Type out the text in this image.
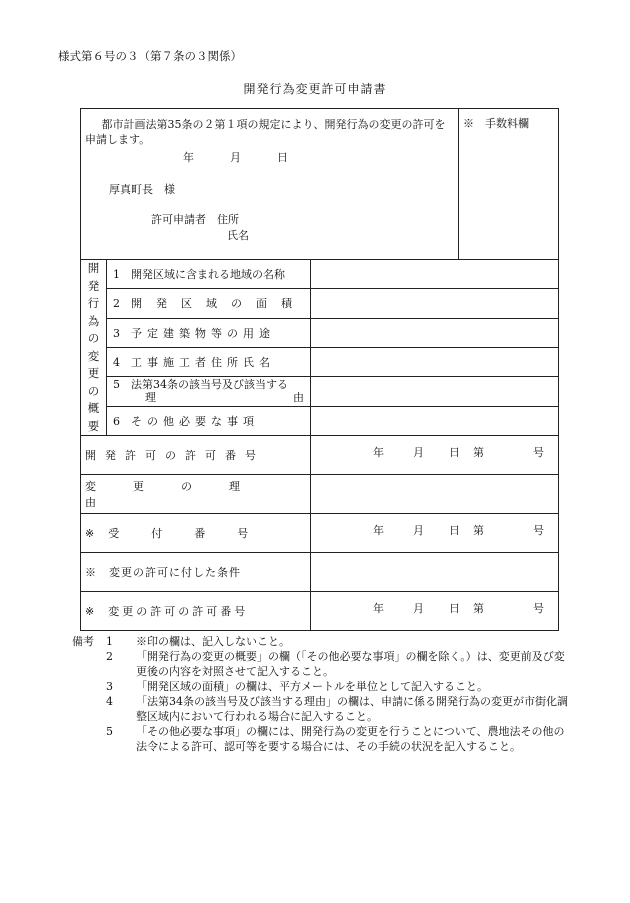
様式第６号の３（第７条の３関係）
開発行為変更許可申請書
  都市計画法第35条の２第１項の規定により、開発行為の変更の許可を申請します。
年 月 日
厚真町長　様
許可申請者　住所
氏名			※　手数料欄
開発行為の変更の概要	1 開発区域に含まれる地域の名称		
	2 開発区域の面積		
	3 予定建築物等の用途		
	4 工事施工者住所氏名		

	5 法第34条の該当号及び該当する
理 由		

	6 その他必要な事項		
開発許可の許可番号		年 月 日 第 号	

変更の理由			
※ 受付番号		年 月 日 第 号	

※　変更の許可に付した条件			
※ 変更の許可の許可番号		年 月 日 第 号	
備考 1 ※印の欄は、記入しないこと。
2 「開発行為の変更の概要」の欄（「その他必要な事項」の欄を除く。）は、変更前及び変更後の内容を対照させて記入すること。
3 「開発区域の面積」の欄は、平方メートルを単位として記入すること。
4 「法第34条の該当号及び該当する理由」の欄は、申請に係る開発行為の変更が市街化調整区域内において行われる場合に記入すること。
5 「その他必要な事項」の欄には、開発行為の変更を行うことについて、農地法その他の法令による許可、認可等を要する場合には、その手続の状況を記入すること。
